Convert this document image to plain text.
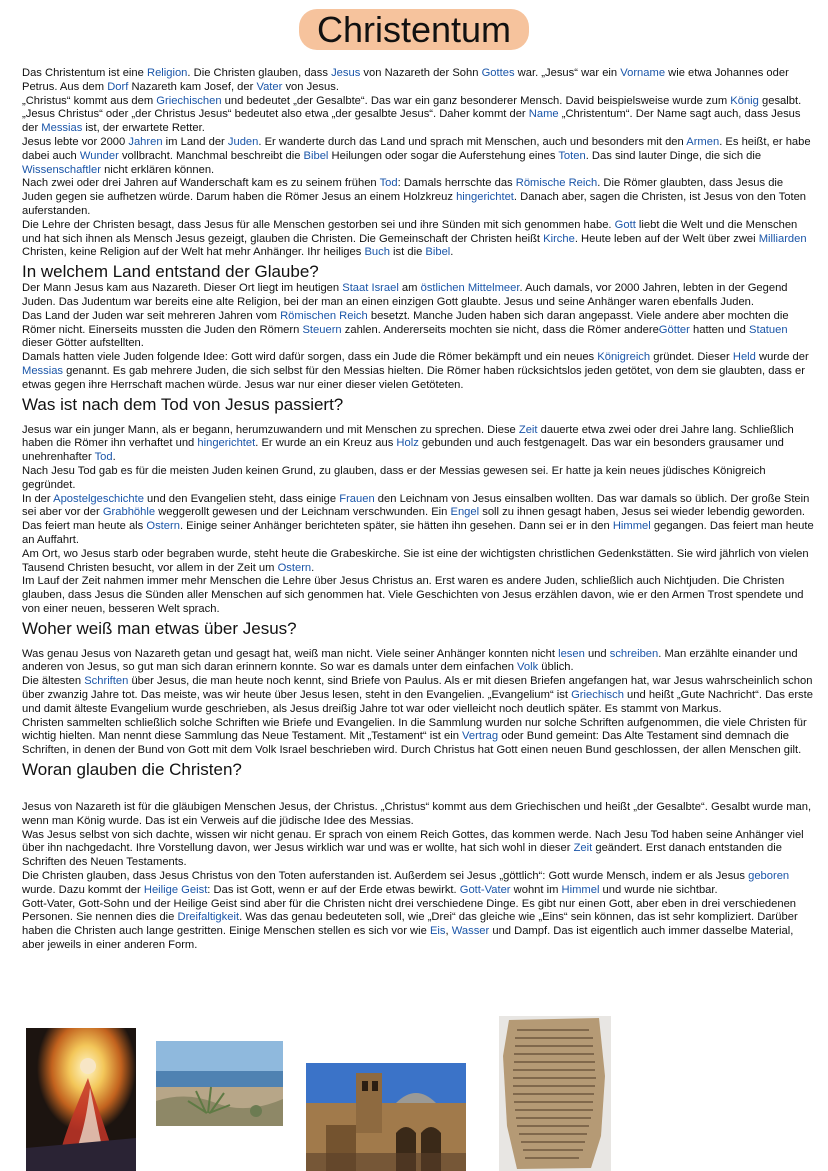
Christentum

Das Christentum ist eine Religion. Die Christen glauben, dass Jesus von Nazareth der Sohn Gottes war. „Jesus“ war ein Vorname wie etwa Johannes oder Petrus. Aus dem Dorf Nazareth kam Josef, der Vater von Jesus.

„Christus“ kommt aus dem Griechischen und bedeutet „der Gesalbte“. Das war ein ganz besonderer Mensch. David beispielsweise wurde zum König gesalbt. „Jesus Christus“ oder „der Christus Jesus“ bedeutet also etwa „der gesalbte Jesus“. Daher kommt der Name „Christentum“. Der Name sagt auch, dass Jesus der Messias ist, der erwartete Retter.

Jesus lebte vor 2000 Jahren im Land der Juden. Er wanderte durch das Land und sprach mit Menschen, auch und besonders mit den Armen. Es heißt, er habe dabei auch Wunder vollbracht. Manchmal beschreibt die Bibel Heilungen oder sogar die Auferstehung eines Toten. Das sind lauter Dinge, die sich die Wissenschaftler nicht erklären können.

Nach zwei oder drei Jahren auf Wanderschaft kam es zu seinem frühen Tod: Damals herrschte das Römische Reich. Die Römer glaubten, dass Jesus die Juden gegen sie aufhetzen würde. Darum haben die Römer Jesus an einem Holzkreuz hingerichtet. Danach aber, sagen die Christen, ist Jesus von den Toten auferstanden.

Die Lehre der Christen besagt, dass Jesus für alle Menschen gestorben sei und ihre Sünden mit sich genommen habe. Gott liebt die Welt und die Menschen und hat sich ihnen als Mensch Jesus gezeigt, glauben die Christen. Die Gemeinschaft der Christen heißt Kirche. Heute leben auf der Welt über zwei Milliarden Christen, keine Religion auf der Welt hat mehr Anhänger. Ihr heiliges Buch ist die Bibel.

In welchem Land entstand der Glaube?

Der Mann Jesus kam aus Nazareth. Dieser Ort liegt im heutigen Staat Israel am östlichen Mittelmeer. Auch damals, vor 2000 Jahren, lebten in der Gegend Juden. Das Judentum war bereits eine alte Religion, bei der man an einen einzigen Gott glaubte. Jesus und seine Anhänger waren ebenfalls Juden.

Das Land der Juden war seit mehreren Jahren vom Römischen Reich besetzt. Manche Juden haben sich daran angepasst. Viele andere aber mochten die Römer nicht. Einerseits mussten die Juden den Römern Steuern zahlen. Andererseits mochten sie nicht, dass die Römer andereGötter hatten und Statuen dieser Götter aufstellten.

Damals hatten viele Juden folgende Idee: Gott wird dafür sorgen, dass ein Jude die Römer bekämpft und ein neues Königreich gründet. Dieser Held wurde der Messias genannt. Es gab mehrere Juden, die sich selbst für den Messias hielten. Die Römer haben rücksichtslos jeden getötet, von dem sie glaubten, dass er etwas gegen ihre Herrschaft machen würde. Jesus war nur einer dieser vielen Getöteten.

Was ist nach dem Tod von Jesus passiert?

Jesus war ein junger Mann, als er begann, herumzuwandern und mit Menschen zu sprechen. Diese Zeit dauerte etwa zwei oder drei Jahre lang. Schließlich haben die Römer ihn verhaftet und hingerichtet. Er wurde an ein Kreuz aus Holz gebunden und auch festgenagelt. Das war ein besonders grausamer und unehrenhafter Tod.

Nach Jesu Tod gab es für die meisten Juden keinen Grund, zu glauben, dass er der Messias gewesen sei. Er hatte ja kein neues jüdisches Königreich gegründet.

In der Apostelgeschichte und den Evangelien steht, dass einige Frauen den Leichnam von Jesus einsalben wollten. Das war damals so üblich. Der große Stein sei aber vor der Grabhöhle weggerollt gewesen und der Leichnam verschwunden. Ein Engel soll zu ihnen gesagt haben, Jesus sei wieder lebendig geworden. Das feiert man heute als Ostern. Einige seiner Anhänger berichteten später, sie hätten ihn gesehen. Dann sei er in den Himmel gegangen. Das feiert man heute an Auffahrt.

Am Ort, wo Jesus starb oder begraben wurde, steht heute die Grabeskirche. Sie ist eine der wichtigsten christlichen Gedenkstätten. Sie wird jährlich von vielen Tausend Christen besucht, vor allem in der Zeit um Ostern.

Im Lauf der Zeit nahmen immer mehr Menschen die Lehre über Jesus Christus an. Erst waren es andere Juden, schließlich auch Nichtjuden. Die Christen glauben, dass Jesus die Sünden aller Menschen auf sich genommen hat. Viele Geschichten von Jesus erzählen davon, wie er den Armen Trost spendete und von einer neuen, besseren Welt sprach.

Woher weiß man etwas über Jesus?

Was genau Jesus von Nazareth getan und gesagt hat, weiß man nicht. Viele seiner Anhänger konnten nicht lesen und schreiben. Man erzählte einander und anderen von Jesus, so gut man sich daran erinnern konnte. So war es damals unter dem einfachen Volk üblich.

Die ältesten Schriften über Jesus, die man heute noch kennt, sind Briefe von Paulus. Als er mit diesen Briefen angefangen hat, war Jesus wahrscheinlich schon über zwanzig Jahre tot. Das meiste, was wir heute über Jesus lesen, steht in den Evangelien. „Evangelium“ ist Griechisch und heißt „Gute Nachricht“. Das erste und damit älteste Evangelium wurde geschrieben, als Jesus dreißig Jahre tot war oder vielleicht noch deutlich später. Es stammt von Markus.

Christen sammelten schließlich solche Schriften wie Briefe und Evangelien. In die Sammlung wurden nur solche Schriften aufgenommen, die viele Christen für wichtig hielten. Man nennt diese Sammlung das Neue Testament. Mit „Testament“ ist ein Vertrag oder Bund gemeint: Das Alte Testament sind demnach die Schriften, in denen der Bund von Gott mit dem Volk Israel beschrieben wird. Durch Christus hat Gott einen neuen Bund geschlossen, der allen Menschen gilt.

Woran glauben die Christen?

Jesus von Nazareth ist für die gläubigen Menschen Jesus, der Christus. „Christus“ kommt aus dem Griechischen und heißt „der Gesalbte“. Gesalbt wurde man, wenn man König wurde. Das ist ein Verweis auf die jüdische Idee des Messias.

Was Jesus selbst von sich dachte, wissen wir nicht genau. Er sprach von einem Reich Gottes, das kommen werde. Nach Jesu Tod haben seine Anhänger viel über ihn nachgedacht. Ihre Vorstellung davon, wer Jesus wirklich war und was er wollte, hat sich wohl in dieser Zeit geändert. Erst danach entstanden die Schriften des Neuen Testaments.

Die Christen glauben, dass Jesus Christus von den Toten auferstanden ist. Außerdem sei Jesus „göttlich“: Gott wurde Mensch, indem er als Jesus geboren wurde. Dazu kommt der Heilige Geist: Das ist Gott, wenn er auf der Erde etwas bewirkt. Gott-Vater wohnt im Himmel und wurde nie sichtbar.

Gott-Vater, Gott-Sohn und der Heilige Geist sind aber für die Christen nicht drei verschiedene Dinge. Es gibt nur einen Gott, aber eben in drei verschiedenen Personen. Sie nennen dies die Dreifaltigkeit. Was das genau bedeuteten soll, wie „Drei“ das gleiche wie „Eins“ sein können, das ist sehr kompliziert. Darüber haben die Christen auch lange gestritten. Einige Menschen stellen es sich vor wie Eis, Wasser und Dampf. Das ist eigentlich auch immer dasselbe Material, aber jeweils in einer anderen Form.
